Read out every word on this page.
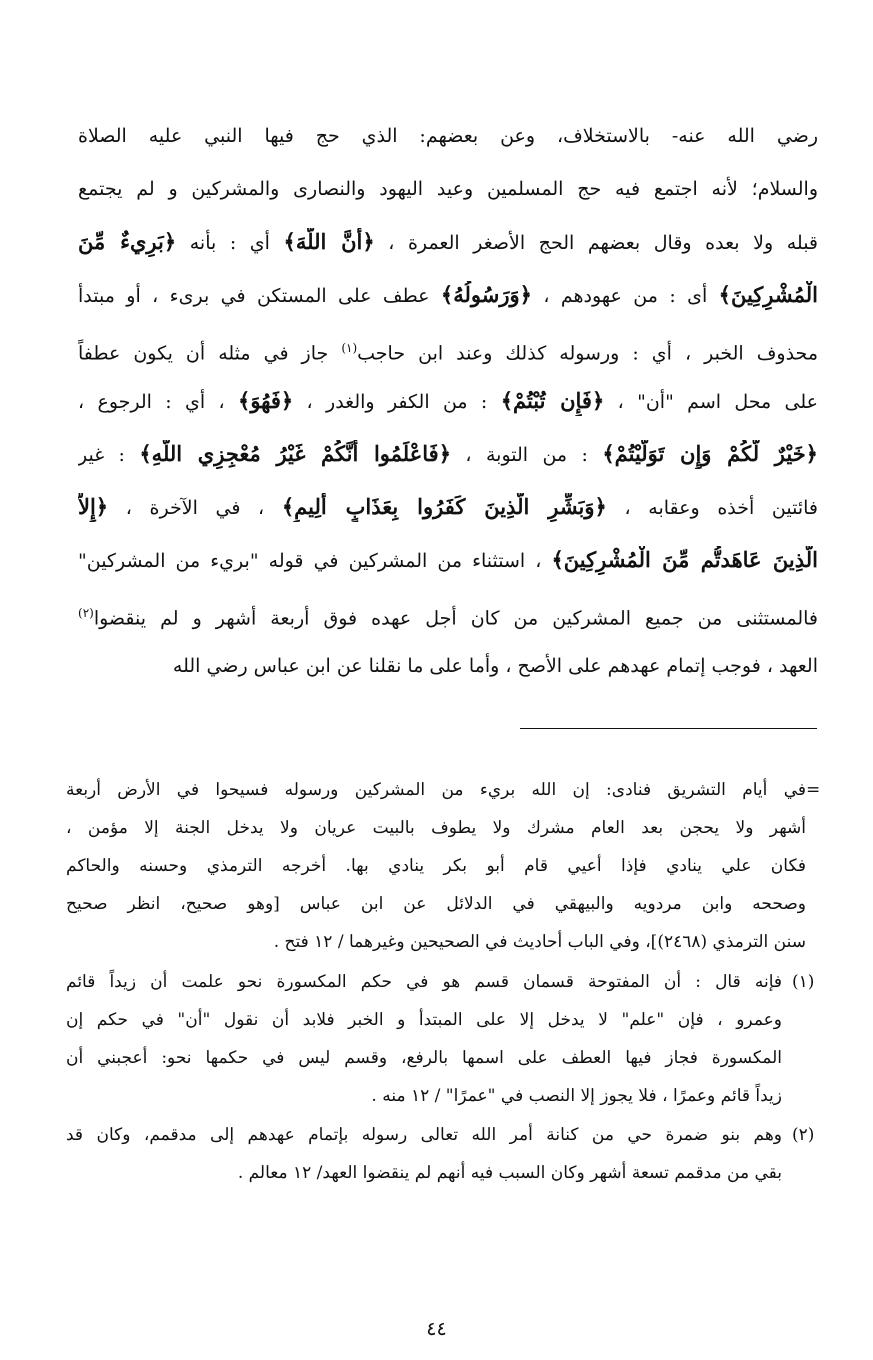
رضي الله عنه- بالاستخلاف، وعن بعضهم: الذي حج فيها النبي عليه الصلاة
والسلام؛ لأنه اجتمع فيه حج المسلمين وعيد اليهود والنصارى والمشركين و لم يجتمع
قبله ولا بعده وقال بعضهم الحج الأصغر العمرة ، ﴿أَنَّ اللَّهَ﴾ أي : بأنه ﴿بَرِيءٌ مِّنَ
الْمُشْرِكِينَ﴾ أى : من عهودهم ، ﴿وَرَسُولُهُ﴾ عطف على المستكن في برىء ، أو مبتدأ
محذوف الخبر ، أي : ورسوله كذلك وعند ابن حاجب$^{(١)}$ جاز في مثله أن يكون عطفاً
على محل اسم "أن" ، ﴿فَإِن تُبْتُمْ﴾ : من الكفر والغدر ، ﴿فَهُوَ﴾ ، أي : الرجوع ،
﴿خَيْرٌ لَّكُمْ وَإِن تَوَلَّيْتُمْ﴾ : من التوبة ، ﴿فَاعْلَمُوا أَنَّكُمْ غَيْرُ مُعْجِزِي اللَّهِ﴾ : غير
فائتين أخذه وعقابه ، ﴿وَبَشِّرِ الَّذِينَ كَفَرُوا بِعَذَابٍ أَلِيمٍ﴾ ، في الآخرة ، ﴿إِلاَّ
الَّذِينَ عَاهَدتُّم مِّنَ الْمُشْرِكِينَ﴾ ، استثناء من المشركين في قوله "بريء من المشركين"
فالمستثنى من جميع المشركين من كان أجل عهده فوق أربعة أشهر و لم ينقضوا$^{(٢)}$
العهد ، فوجب إتمام عهدهم على الأصح ، وأما على ما نقلنا عن ابن عباس رضي الله
=
في أيام التشريق فنادى: إن الله بريء من المشركين ورسوله فسيحوا في الأرض أربعة
أشهر ولا يحجن بعد العام مشرك ولا يطوف بالبيت عريان ولا يدخل الجنة إلا مؤمن ،
فكان علي ينادي فإذا أعيي قام أبو بكر ينادي بها. أخرجه الترمذي وحسنه والحاكم
وصححه وابن مردويه والبيهقي في الدلائل عن ابن عباس [وهو صحيح، انظر صحيح
سنن الترمذي (٢٤٦٨)]، وفي الباب أحاديث في الصحيحين وغيرهما / ١٢ فتح .
(١)
فإنه قال : أن المفتوحة قسمان قسم هو في حكم المكسورة نحو علمت أن زيداً قائم
وعمرو ، فإن "علم" لا يدخل إلا على المبتدأ و الخبر فلابد أن نقول "أن" في حكم إن
المكسورة فجاز فيها العطف على اسمها بالرفع، وقسم ليس في حكمها نحو: أعجبني أن
زيداً قائم وعمرًا ، فلا يجوز إلا النصب في "عمرًا" / ١٢ منه .
(٢)
وهم بنو ضمرة حي من كنانة أمر الله تعالى رسوله بإتمام عهدهم إلى مدقمم، وكان قد
بقي من مدقمم تسعة أشهر وكان السبب فيه أنهم لم ينقضوا العهد/ ١٢ معالم .
٤٤
